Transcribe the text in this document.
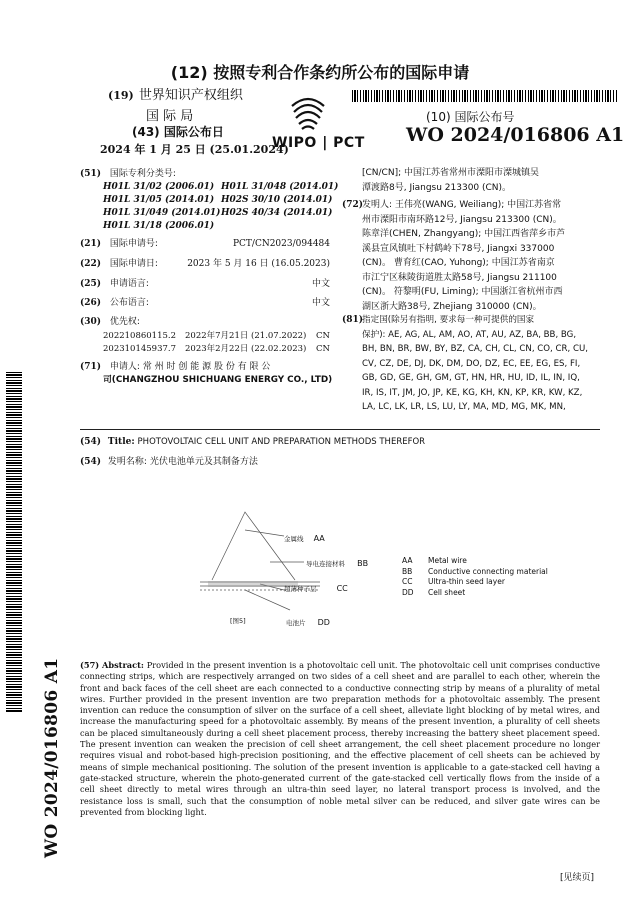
(12) 按照专利合作条约所公布的国际申请
(19) 世界知识产权组织
国 际 局
(43) 国际公布日
2024 年 1 月 25 日 (25.01.2024)
WIPO | PCT
(10) 国际公布号
WO 2024/016806 A1
WO 2024/016806 A1
(51) 国际专利分类号:
H01L 31/02 (2006.01) H01L 31/048 (2014.01)
H01L 31/05 (2014.01) H02S 30/10 (2014.01)
H01L 31/049 (2014.01)H02S 40/34 (2014.01)
H01L 31/18 (2006.01)
(21) 国际申请号:	PCT/CN2023/094484
(22) 国际申请日:	2023 年 5 月 16 日 (16.05.2023)
(25) 申请语言:	中文
(26) 公布语言:	中文
(30) 优先权:
202210860115.2 2022年7月21日 (21.07.2022) CN
202310145937.7 2023年2月22日 (22.02.2023) CN
(71) 申请人: 常 州 时 创 能 源 股 份 有 限 公
司(CHANGZHOU SHICHUANG ENERGY CO., LTD)
[CN/CN]; 中国江苏省常州市溧阳市溧城镇吴
潭渡路8号, Jiangsu 213300 (CN)。
(72)
发明人: 王伟亮(WANG, Weiliang); 中国江苏省常
州市溧阳市南环路12号, Jiangsu 213300 (CN)。
陈章洋(CHEN, Zhangyang); 中国江西省萍乡市芦
溪县宣风镇吐下村鹤岭下78号, Jiangxi 337000
(CN)。 曹育红(CAO, Yuhong); 中国江苏省南京
市江宁区秣陵街道胜太路58号, Jiangsu 211100
(CN)。 符黎明(FU, Liming); 中国浙江省杭州市西
湖区浙大路38号, Zhejiang 310000 (CN)。
(81)
指定国(除另有指明, 要求每一种可提供的国家
保护): AE, AG, AL, AM, AO, AT, AU, AZ, BA, BB, BG,
BH, BN, BR, BW, BY, BZ, CA, CH, CL, CN, CO, CR, CU,
CV, CZ, DE, DJ, DK, DM, DO, DZ, EC, EE, EG, ES, FI,
GB, GD, GE, GH, GM, GT, HN, HR, HU, ID, IL, IN, IQ,
IR, IS, IT, JM, JO, JP, KE, KG, KH, KN, KP, KR, KW, KZ,
LA, LC, LK, LR, LS, LU, LY, MA, MD, MG, MK, MN,
(54) Title: PHOTOVOLTAIC CELL UNIT AND PREPARATION METHODS THEREFOR
(54) 发明名称: 光伏电池单元及其制备方法
金属线 AA
导电连接材料 BB
超薄种子层	CC
[图5]	电池片 DD
AA Metal wire
BB Conductive connecting material
CC Ultra-thin seed layer
DD Cell sheet
(57) Abstract: Provided in the present invention is a photovoltaic cell unit. The photovoltaic cell unit comprises conductive connecting strips, which are respectively arranged on two sides of a cell sheet and are parallel to each other, wherein the front and back faces of the cell sheet are each connected to a conductive connecting strip by means of a plurality of metal wires. Further provided in the present invention are two preparation methods for a photovoltaic assembly. The present invention can reduce the consumption of silver on the surface of a cell sheet, alleviate light blocking of by metal wires, and increase the manufacturing speed for a photovoltaic assembly. By means of the present invention, a plurality of cell sheets can be placed simultaneously during a cell sheet placement process, thereby increasing the battery sheet placement speed. The present invention can weaken the precision of cell sheet arrangement, the cell sheet placement procedure no longer requires visual and robot-based high-precision positioning, and the effective placement of cell sheets can be achieved by means of simple mechanical positioning. The solution of the present invention is applicable to a gate-stacked cell having a gate-stacked structure, wherein the photo-generated current of the gate-stacked cell vertically flows from the inside of a cell sheet directly to metal wires through an ultra-thin seed layer, no lateral transport process is involved, and the resistance loss is small, such that the consumption of noble metal silver can be reduced, and silver gate wires can be prevented from blocking light.
[见续页]
